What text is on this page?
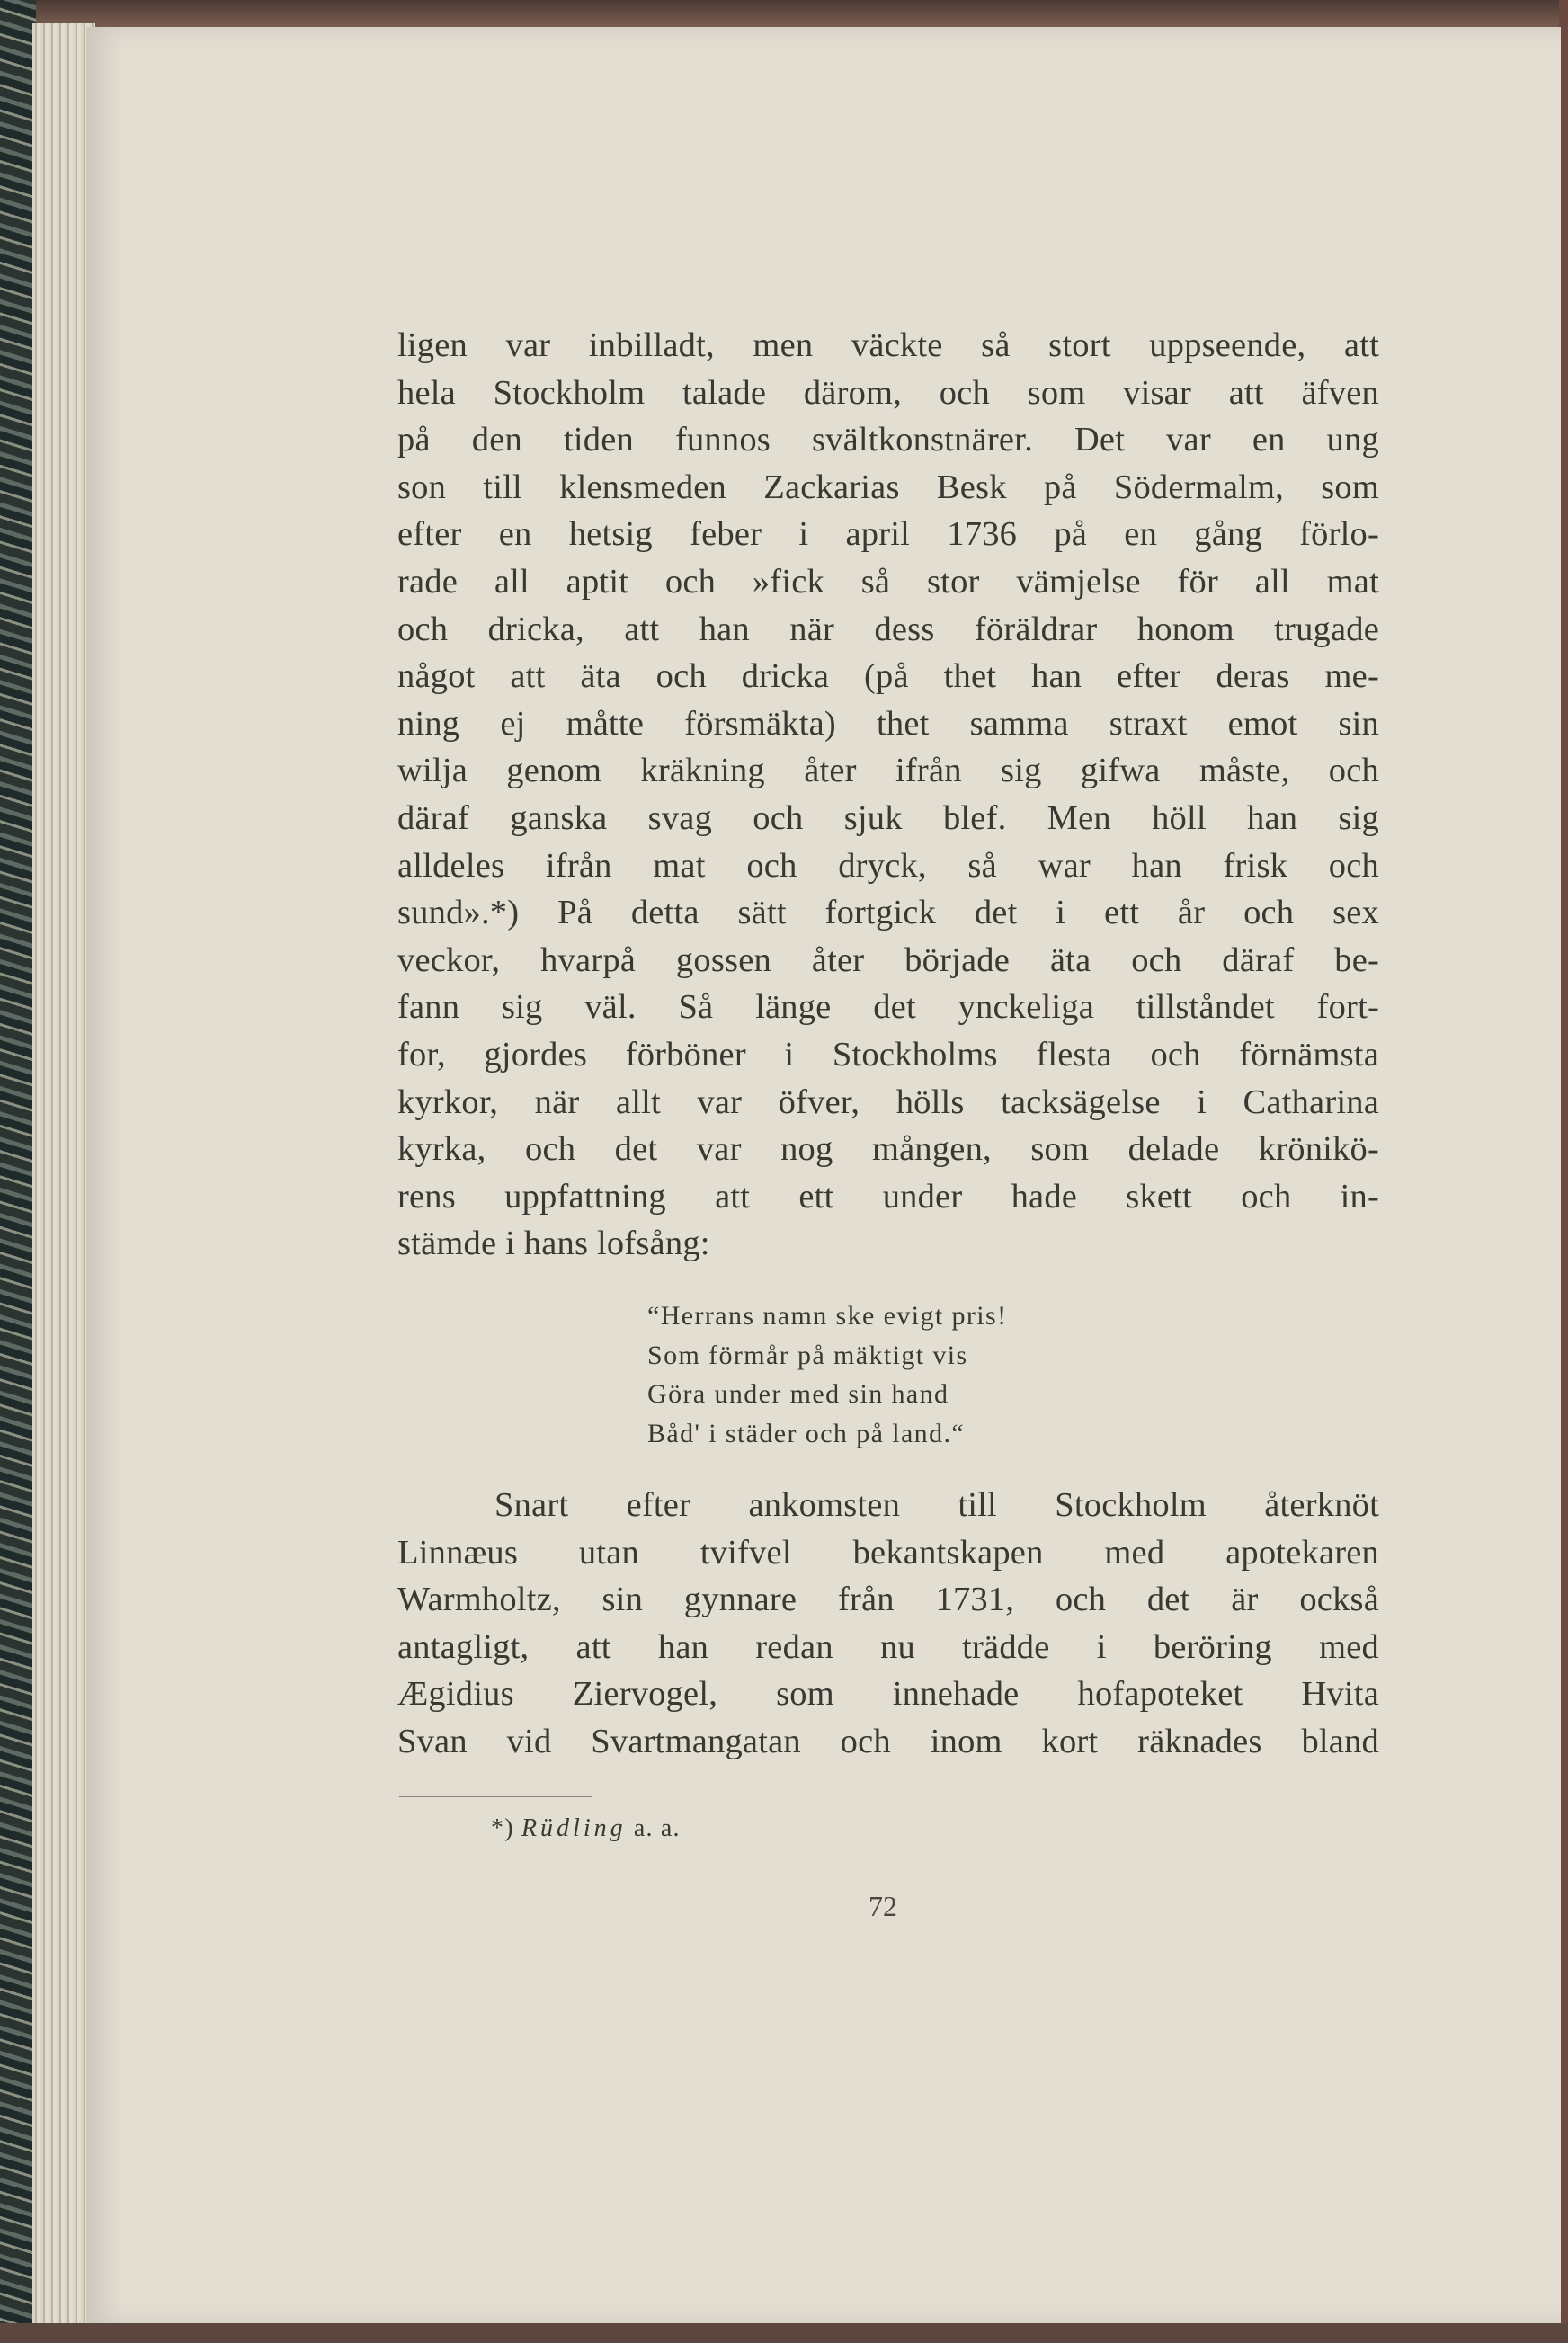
ligen var inbilladt, men väckte så stort uppseende, att
hela Stockholm talade därom, och som visar att äfven
på den tiden funnos svältkonstnärer. Det var en ung
son till klensmeden Zackarias Besk på Södermalm, som
efter en hetsig feber i april 1736 på en gång förlo-
rade all aptit och »fick så stor vämjelse för all mat
och dricka, att han när dess föräldrar honom trugade
något att äta och dricka (på thet han efter deras me-
ning ej måtte försmäkta) thet samma straxt emot sin
wilja genom kräkning åter ifrån sig gifwa måste, och
däraf ganska svag och sjuk blef. Men höll han sig
alldeles ifrån mat och dryck, så war han frisk och
sund».*) På detta sätt fortgick det i ett år och sex
veckor, hvarpå gossen åter började äta och däraf be-
fann sig väl. Så länge det ynckeliga tillståndet fort-
for, gjordes förböner i Stockholms flesta och förnämsta
kyrkor, när allt var öfver, hölls tacksägelse i Catharina
kyrka, och det var nog mången, som delade krönikö-
rens uppfattning att ett under hade skett och in-
stämde i hans lofsång:
“Herrans namn ske evigt pris!
Som förmår på mäktigt vis
Göra under med sin hand
Båd' i städer och på land.“
Snart efter ankomsten till Stockholm återknöt
Linnæus utan tvifvel bekantskapen med apotekaren
Warmholtz, sin gynnare från 1731, och det är också
antagligt, att han redan nu trädde i beröring med
Ægidius Ziervogel, som innehade hofapoteket Hvita
Svan vid Svartmangatan och inom kort räknades bland
*) Rüdling a. a.
72
